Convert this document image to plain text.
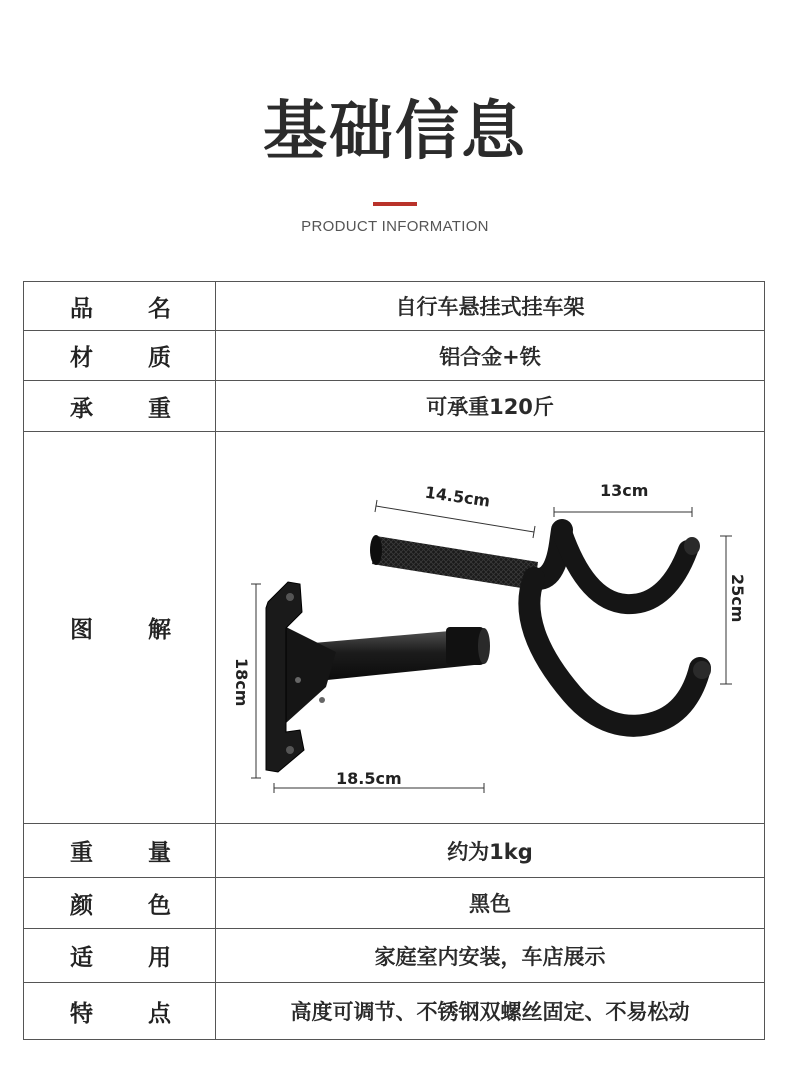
基础信息
PRODUCT INFORMATION
品 名	自行车悬挂式挂车架
材 质	铝合金+铁
承 重	可承重120斤
图 解
18cm
18.5cm
14.5cm	13cm
25cm
重 量	约为1kg
颜 色	黑色
适 用	家庭室内安装，车店展示
特 点	高度可调节、不锈钢双螺丝固定、不易松动
